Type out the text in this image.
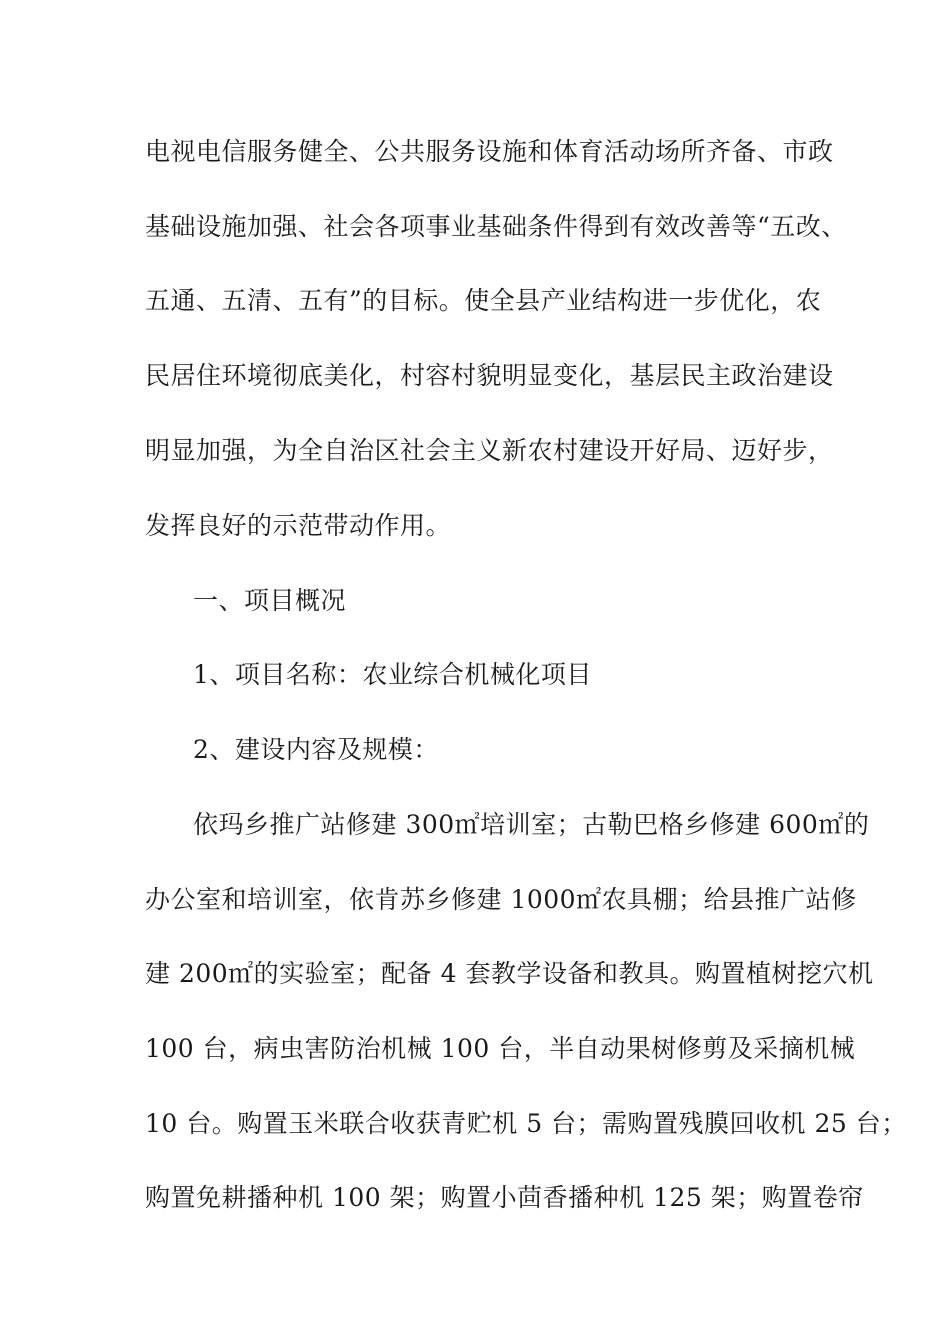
电视电信服务健全、公共服务设施和体育活动场所齐备、市政
基础设施加强、社会各项事业基础条件得到有效改善等“五改、
五通、五清、五有”的目标。使全县产业结构进一步优化，农
民居住环境彻底美化，村容村貌明显变化，基层民主政治建设
明显加强，为全自治区社会主义新农村建设开好局、迈好步，
发挥良好的示范带动作用。
一、项目概况
1、项目名称：农业综合机械化项目
2、建设内容及规模：
依玛乡推广站修建 300㎡培训室；古勒巴格乡修建 600㎡的
办公室和培训室，依肯苏乡修建 1000㎡农具棚；给县推广站修
建 200㎡的实验室；配备 4 套教学设备和教具。购置植树挖穴机
100 台，病虫害防治机械 100 台，半自动果树修剪及采摘机械
10 台。购置玉米联合收获青贮机 5 台；需购置残膜回收机 25 台；
购置免耕播种机 100 架；购置小茴香播种机 125 架；购置卷帘
